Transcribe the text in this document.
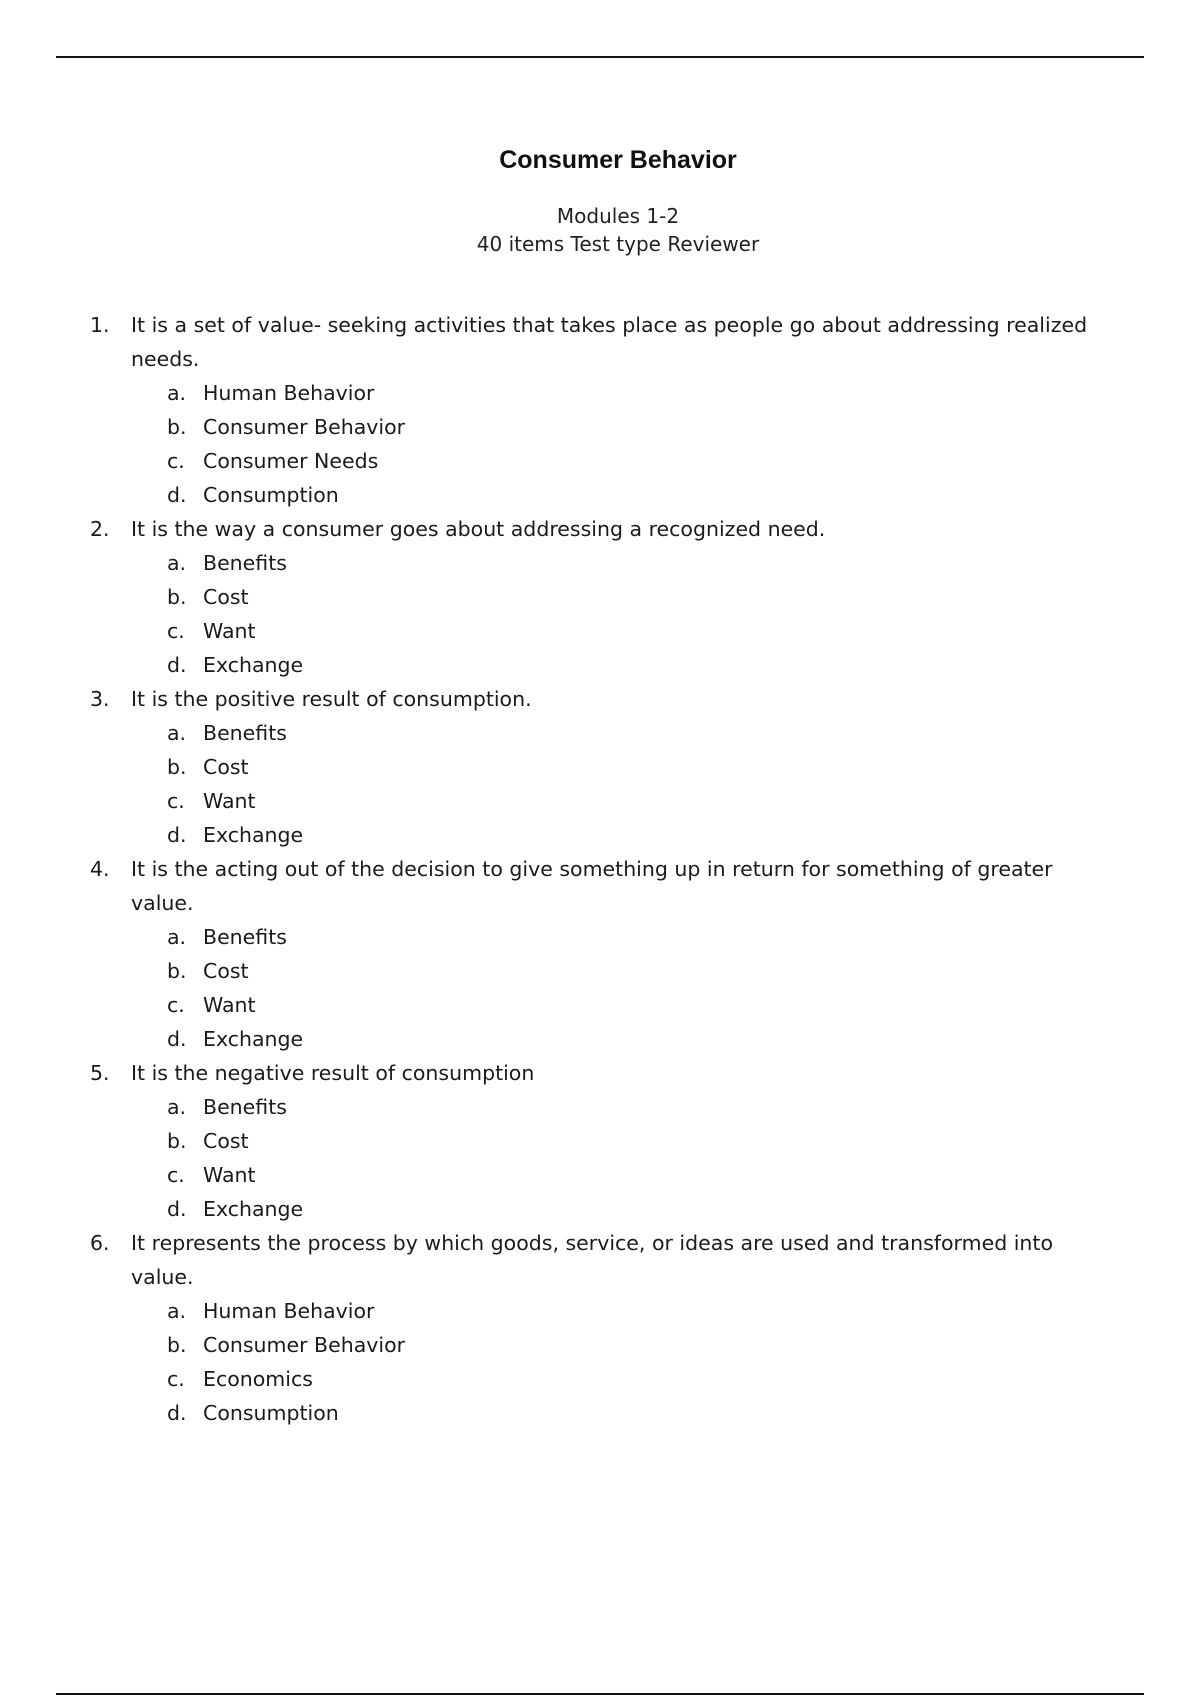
Consumer Behavior
Modules 1-2
40 items Test type Reviewer
1. It is a set of value- seeking activities that takes place as people go about addressing realized needs.
a. Human Behavior
b. Consumer Behavior
c. Consumer Needs
d. Consumption
2. It is the way a consumer goes about addressing a recognized need.
a. Benefits
b. Cost
c. Want
d. Exchange
3. It is the positive result of consumption.
a. Benefits
b. Cost
c. Want
d. Exchange
4. It is the acting out of the decision to give something up in return for something of greater value.
a. Benefits
b. Cost
c. Want
d. Exchange
5. It is the negative result of consumption
a. Benefits
b. Cost
c. Want
d. Exchange
6. It represents the process by which goods, service, or ideas are used and transformed into value.
a. Human Behavior
b. Consumer Behavior
c. Economics
d. Consumption
